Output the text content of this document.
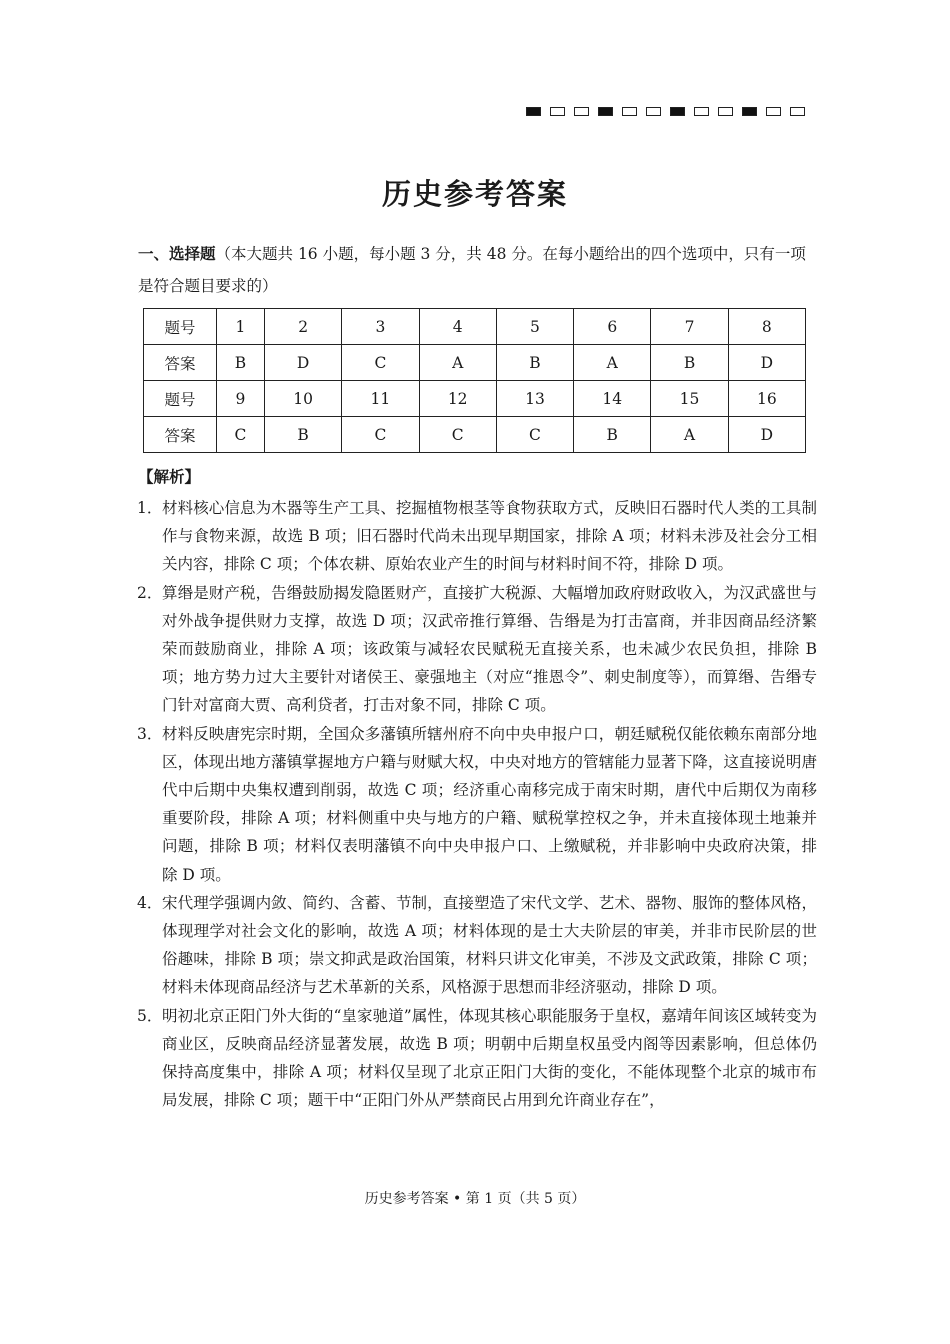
历史参考答案
一、选择题（本大题共 16 小题，每小题 3 分，共 48 分。在每小题给出的四个选项中，只有一项是符合题目要求的）
题号	1	2	3	4	5	6	7	8
答案	B	D	C	A	B	A	B	D
题号	9	10	11	12	13	14	15	16
答案	C	B	C	C	C	B	A	D
【解析】
1． 材料核心信息为木器等生产工具、挖掘植物根茎等食物获取方式，反映旧石器时代人类的工具制作与食物来源，故选 B 项；旧石器时代尚未出现早期国家，排除 A 项；材料未涉及社会分工相关内容，排除 C 项；个体农耕、原始农业产生的时间与材料时间不符，排除 D 项。
2． 算缗是财产税，告缗鼓励揭发隐匿财产，直接扩大税源、大幅增加政府财政收入，为汉武盛世与对外战争提供财力支撑，故选 D 项；汉武帝推行算缗、告缗是为打击富商，并非因商品经济繁荣而鼓励商业，排除 A 项；该政策与减轻农民赋税无直接关系，也未减少农民负担，排除 B 项；地方势力过大主要针对诸侯王、豪强地主（对应“推恩令”、刺史制度等），而算缗、告缗专门针对富商大贾、高利贷者，打击对象不同，排除 C 项。
3． 材料反映唐宪宗时期，全国众多藩镇所辖州府不向中央申报户口，朝廷赋税仅能依赖东南部分地区，体现出地方藩镇掌握地方户籍与财赋大权，中央对地方的管辖能力显著下降，这直接说明唐代中后期中央集权遭到削弱，故选 C 项；经济重心南移完成于南宋时期，唐代中后期仅为南移重要阶段，排除 A 项；材料侧重中央与地方的户籍、赋税掌控权之争，并未直接体现土地兼并问题，排除 B 项；材料仅表明藩镇不向中央申报户口、上缴赋税，并非影响中央政府决策，排除 D 项。
4． 宋代理学强调内敛、简约、含蓄、节制，直接塑造了宋代文学、艺术、器物、服饰的整体风格，体现理学对社会文化的影响，故选 A 项；材料体现的是士大夫阶层的审美，并非市民阶层的世俗趣味，排除 B 项；崇文抑武是政治国策，材料只讲文化审美，不涉及文武政策，排除 C 项；材料未体现商品经济与艺术革新的关系，风格源于思想而非经济驱动，排除 D 项。
5． 明初北京正阳门外大街的“皇家驰道”属性，体现其核心职能服务于皇权，嘉靖年间该区域转变为商业区，反映商品经济显著发展，故选 B 项；明朝中后期皇权虽受内阁等因素影响，但总体仍保持高度集中，排除 A 项；材料仅呈现了北京正阳门大街的变化，不能体现整个北京的城市布局发展，排除 C 项；题干中“正阳门外从严禁商民占用到允许商业存在”，
历史参考答案 • 第 1 页（共 5 页）
